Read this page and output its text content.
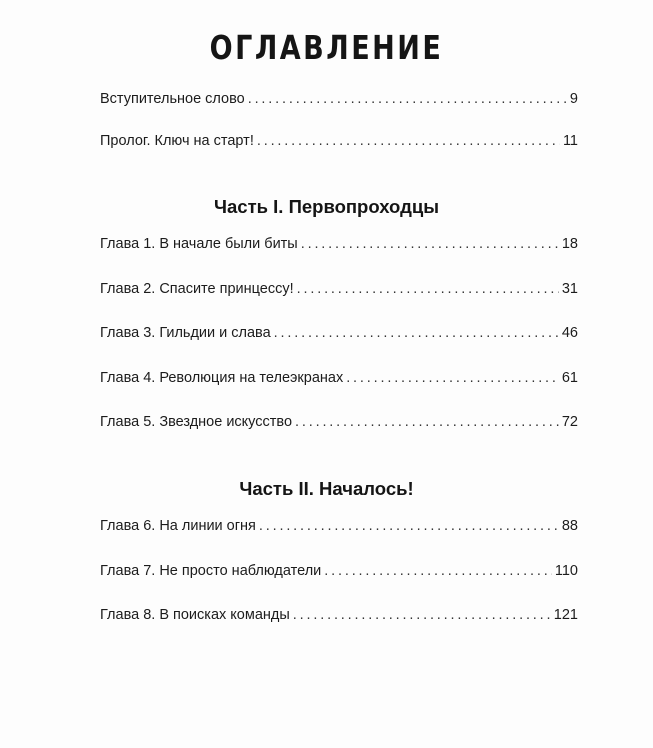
ОГЛАВЛЕНИЕ
Вступительное слово . . .	9
Пролог. Ключ на старт! . . .	11
Часть I. Первопроходцы
Глава 1. В начале были биты . . .	18
Глава 2. Спасите принцессу! . . .	31
Глава 3. Гильдии и слава . . .	46
Глава 4. Революция на телеэкранах . . .	61
Глава 5. Звездное искусство . . .	72
Часть II. Началось!
Глава 6. На линии огня . . .	88
Глава 7. Не просто наблюдатели . . .	110
Глава 8. В поисках команды . . .	121
